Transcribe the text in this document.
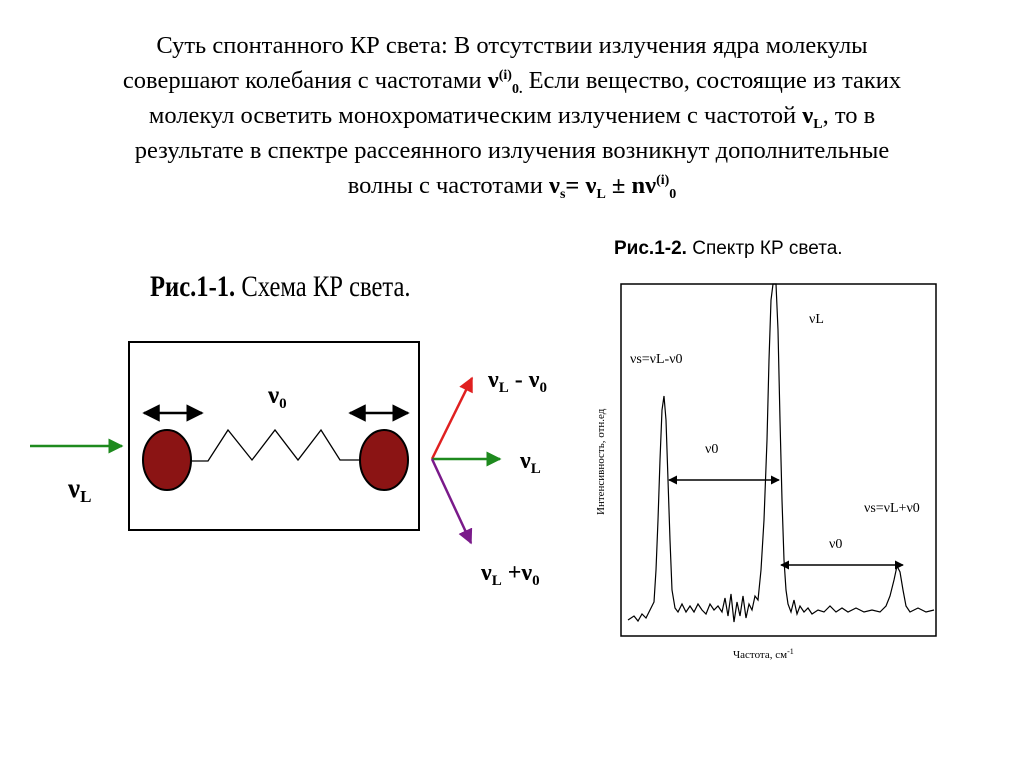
Суть спонтанного КР света: В отсутствии излучения ядра молекулы
совершают колебания с частотами $\nu^{(i)}_{0.}$ Если вещество, состоящие из таких
молекул осветить монохроматическим излучением с частотой $\nu_L$, то в
результате в спектре рассеянного излучения возникнут дополнительные
волны с частотами $\nu_s= \nu_L \pm n\nu^{(i)}_0$
Рис.1-2. Спектр КР света.
Рис.1-1. Схема КР света.
νL
$\nu_0$
$\nu_L - \nu_0$
$\nu_L$
$\nu_L +\nu_0$
νL
νs=νL-ν0
νs=νL+ν0
ν0
ν0
Интенсивность, отн.ед
Частота, $см^{-1}$
